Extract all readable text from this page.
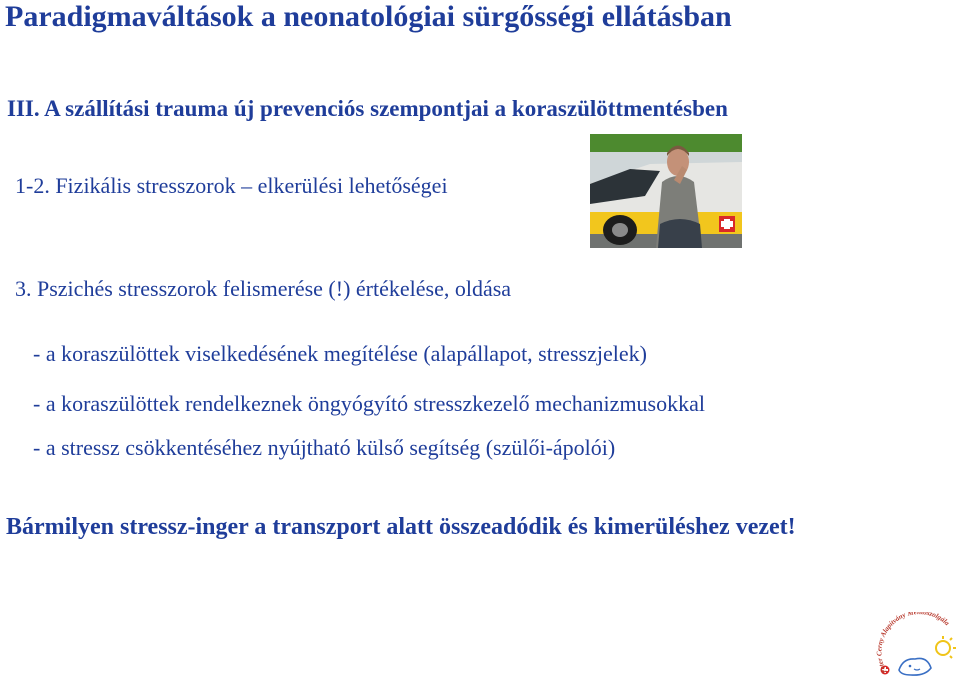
Paradigmaváltások a neonatológiai sürgősségi ellátásban
III. A szállítási trauma új prevenciós szempontjai a koraszülöttmentésben
1-2. Fizikális stresszorok – elkerülési lehetőségei
3. Pszichés stresszorok felismerése (!) értékelése, oldása
- a koraszülöttek viselkedésének megítélése (alapállapot, stresszjelek)
- a koraszülöttek rendelkeznek öngyógyító stresszkezelő mechanizmusokkal
- a stressz csökkentéséhez nyújtható külső segítség (szülői-ápolói)
Bármilyen stressz-inger a transzport alatt összeadódik és kimerüléshez vezet!
Peter Cerny Alapítvány Mentőszolgála
